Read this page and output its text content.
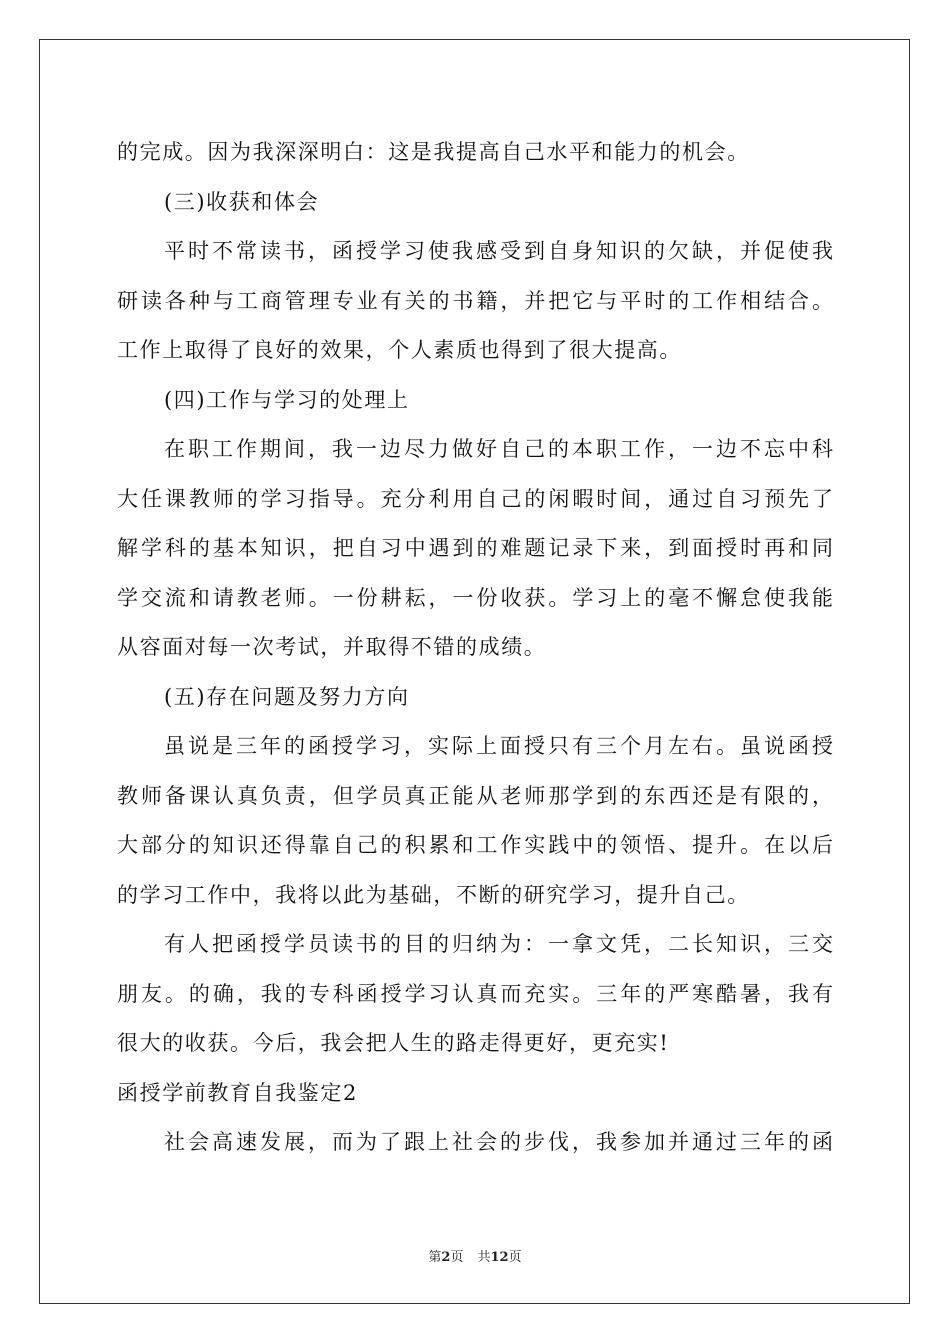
的完成。因为我深深明白：这是我提高自己水平和能力的机会。
(三)收获和体会
平时不常读书，函授学习使我感受到自身知识的欠缺，并促使我
研读各种与工商管理专业有关的书籍，并把它与平时的工作相结合。
工作上取得了良好的效果，个人素质也得到了很大提高。
(四)工作与学习的处理上
在职工作期间，我一边尽力做好自己的本职工作，一边不忘中科
大任课教师的学习指导。充分利用自己的闲暇时间，通过自习预先了
解学科的基本知识，把自习中遇到的难题记录下来，到面授时再和同
学交流和请教老师。一份耕耘，一份收获。学习上的毫不懈怠使我能
从容面对每一次考试，并取得不错的成绩。
(五)存在问题及努力方向
虽说是三年的函授学习，实际上面授只有三个月左右。虽说函授
教师备课认真负责，但学员真正能从老师那学到的东西还是有限的，
大部分的知识还得靠自己的积累和工作实践中的领悟、提升。在以后
的学习工作中，我将以此为基础，不断的研究学习，提升自己。
有人把函授学员读书的目的归纳为：一拿文凭，二长知识，三交
朋友。的确，我的专科函授学习认真而充实。三年的严寒酷暑，我有
很大的收获。今后，我会把人生的路走得更好，更充实!
函授学前教育自我鉴定2
社会高速发展，而为了跟上社会的步伐，我参加并通过三年的函
第2页 共12页
